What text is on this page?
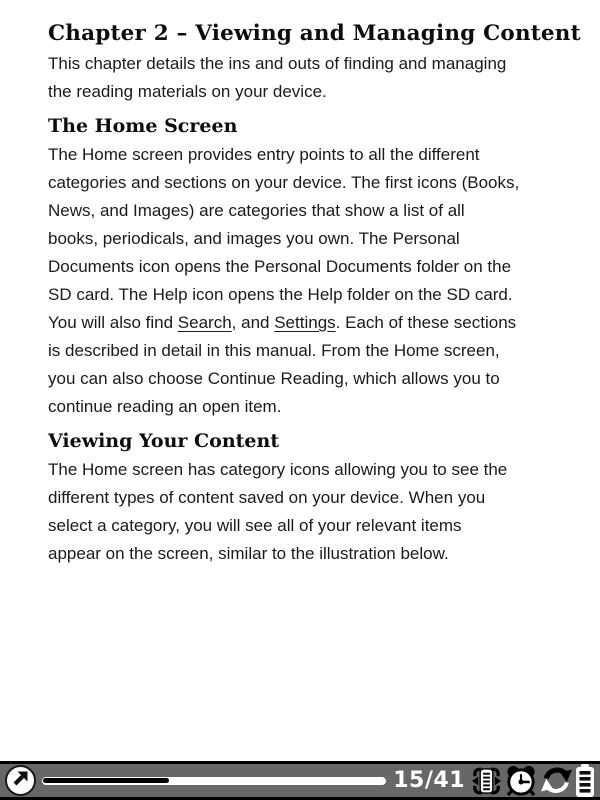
Chapter 2 – Viewing and Managing Content
This chapter details the ins and outs of finding and managing
the reading materials on your device.
The Home Screen
The Home screen provides entry points to all the different
categories and sections on your device. The first icons (Books,
News, and Images) are categories that show a list of all
books, periodicals, and images you own. The Personal
Documents icon opens the Personal Documents folder on the
SD card. The Help icon opens the Help folder on the SD card.
You will also find Search, and Settings. Each of these sections
is described in detail in this manual. From the Home screen,
you can also choose Continue Reading, which allows you to
continue reading an open item.
Viewing Your Content
The Home screen has category icons allowing you to see the
different types of content saved on your device. When you
select a category, you will see all of your relevant items
appear on the screen, similar to the illustration below.
15/41
